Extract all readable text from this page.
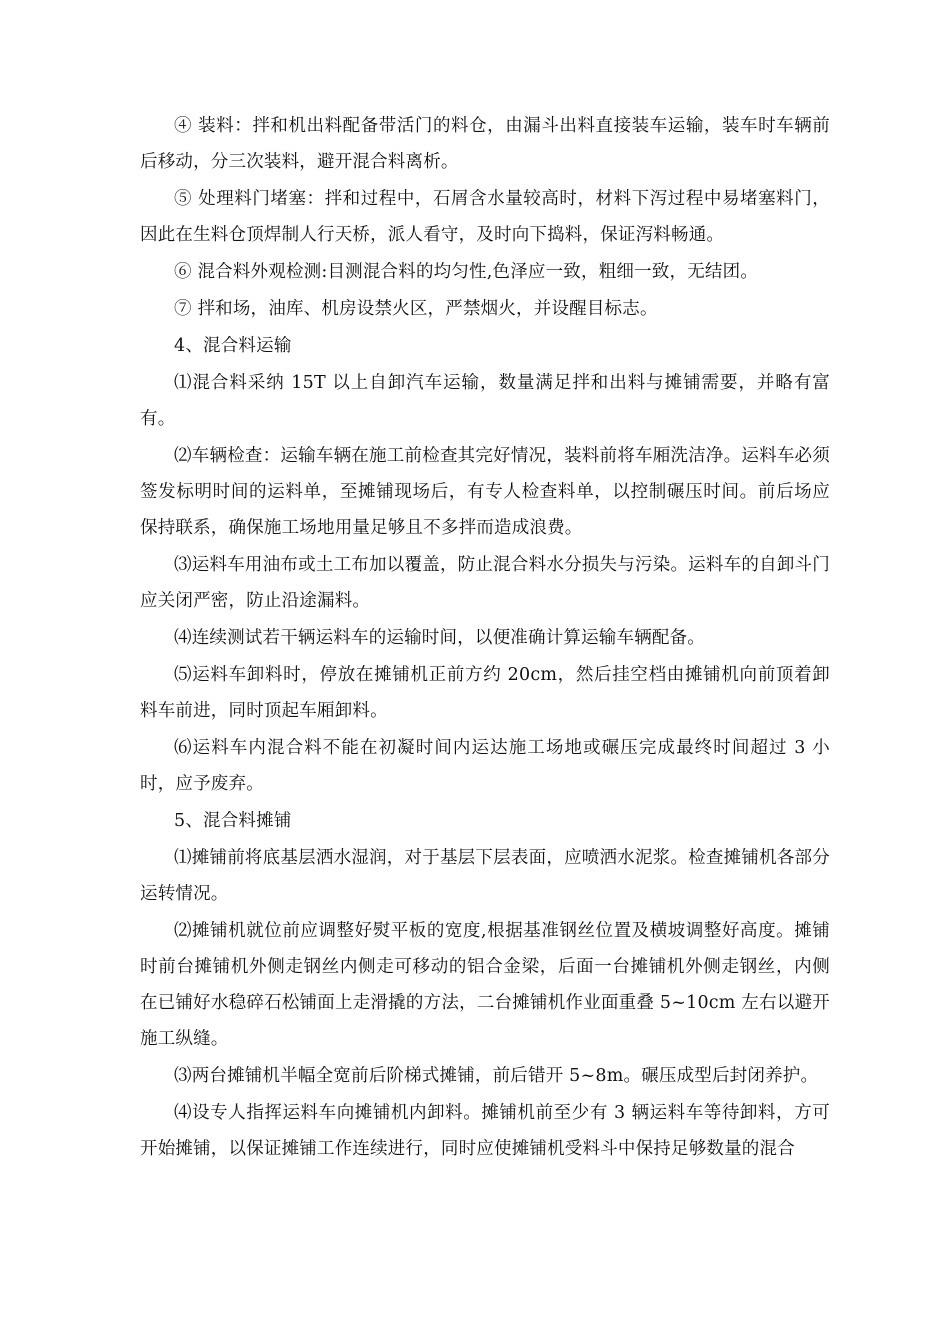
④ 装料：拌和机出料配备带活门的料仓，由漏斗出料直接装车运输，装车时车辆前后移动，分三次装料，避开混合料离析。

⑤ 处理料门堵塞：拌和过程中，石屑含水量较高时，材料下泻过程中易堵塞料门，因此在生料仓顶焊制人行天桥，派人看守，及时向下捣料，保证泻料畅通。

⑥ 混合料外观检测:目测混合料的均匀性,色泽应一致，粗细一致，无结团。

⑦ 拌和场，油库、机房设禁火区，严禁烟火，并设醒目标志。

4、混合料运输

⑴混合料采纳 15T 以上自卸汽车运输，数量满足拌和出料与摊铺需要，并略有富有。

⑵车辆检查：运输车辆在施工前检查其完好情况，装料前将车厢洗洁净。运料车必须签发标明时间的运料单，至摊铺现场后，有专人检查料单，以控制碾压时间。前后场应保持联系，确保施工场地用量足够且不多拌而造成浪费。

⑶运料车用油布或土工布加以覆盖，防止混合料水分损失与污染。运料车的自卸斗门应关闭严密，防止沿途漏料。

⑷连续测试若干辆运料车的运输时间，以便准确计算运输车辆配备。

⑸运料车卸料时，停放在摊铺机正前方约 20cm，然后挂空档由摊铺机向前顶着卸料车前进，同时顶起车厢卸料。

⑹运料车内混合料不能在初凝时间内运达施工场地或碾压完成最终时间超过 3 小时，应予废弃。

5、混合料摊铺

⑴摊铺前将底基层洒水湿润，对于基层下层表面，应喷洒水泥浆。检查摊铺机各部分运转情况。

⑵摊铺机就位前应调整好熨平板的宽度,根据基准钢丝位置及横坡调整好高度。摊铺时前台摊铺机外侧走钢丝内侧走可移动的铝合金梁，后面一台摊铺机外侧走钢丝，内侧在已铺好水稳碎石松铺面上走滑撬的方法，二台摊铺机作业面重叠 5~10cm 左右以避开施工纵缝。

⑶两台摊铺机半幅全宽前后阶梯式摊铺，前后错开 5~8m。碾压成型后封闭养护。

⑷设专人指挥运料车向摊铺机内卸料。摊铺机前至少有 3 辆运料车等待卸料，方可开始摊铺，以保证摊铺工作连续进行，同时应使摊铺机受料斗中保持足够数量的混合
